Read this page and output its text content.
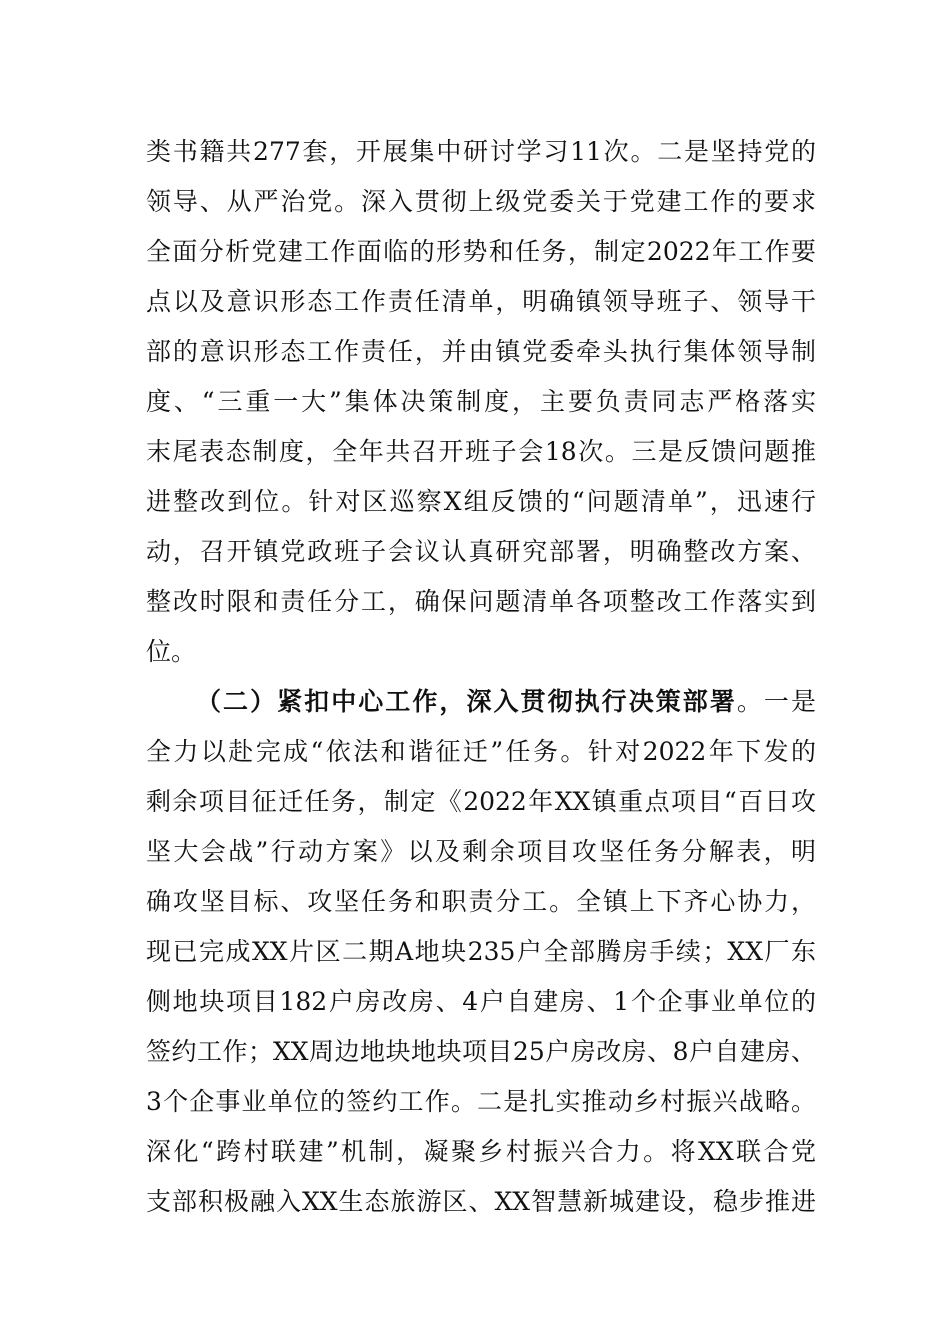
类书籍共277套，开展集中研讨学习11次。二是坚持党的
领导、从严治党。深入贯彻上级党委关于党建工作的要求
全面分析党建工作面临的形势和任务，制定2022年工作要
点以及意识形态工作责任清单，明确镇领导班子、领导干
部的意识形态工作责任，并由镇党委牵头执行集体领导制
度、“三重一大”集体决策制度，主要负责同志严格落实
末尾表态制度，全年共召开班子会18次。三是反馈问题推
进整改到位。针对区巡察X组反馈的“问题清单”，迅速行
动，召开镇党政班子会议认真研究部署，明确整改方案、
整改时限和责任分工，确保问题清单各项整改工作落实到
位。
（二）紧扣中心工作，深入贯彻执行决策部署。一是
全力以赴完成“依法和谐征迁”任务。针对2022年下发的
剩余项目征迁任务，制定《2022年XX镇重点项目“百日攻
坚大会战”行动方案》以及剩余项目攻坚任务分解表，明
确攻坚目标、攻坚任务和职责分工。全镇上下齐心协力，
现已完成XX片区二期A地块235户全部腾房手续；XX厂东
侧地块项目182户房改房、4户自建房、1个企事业单位的
签约工作；XX周边地块地块项目25户房改房、8户自建房、
3个企事业单位的签约工作。二是扎实推动乡村振兴战略。
深化“跨村联建”机制，凝聚乡村振兴合力。将XX联合党
支部积极融入XX生态旅游区、XX智慧新城建设，稳步推进
